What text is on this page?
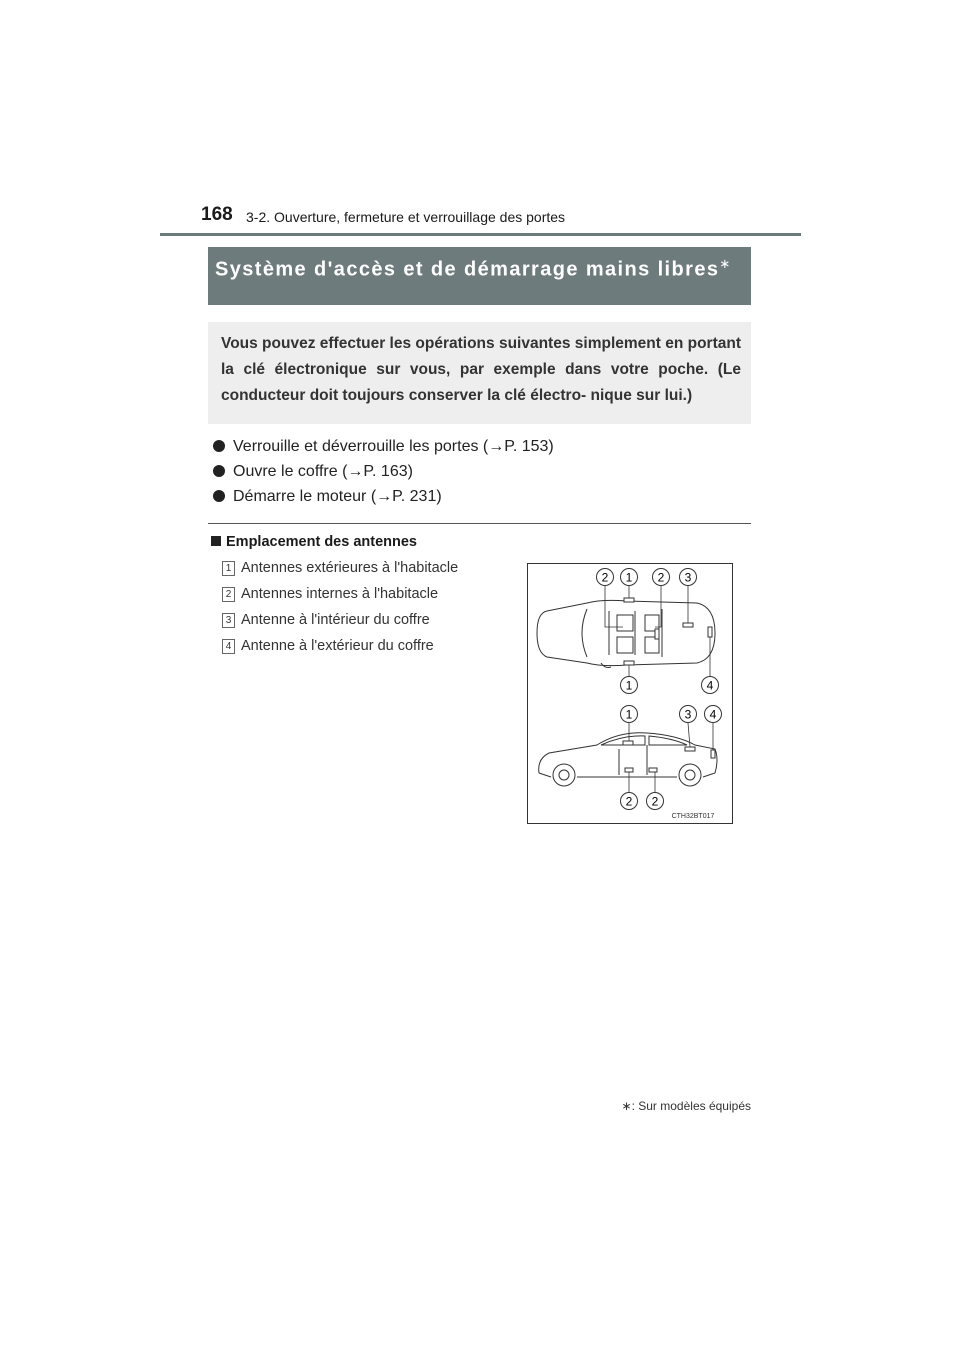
168 3-2. Ouverture, fermeture et verrouillage des portes
Système d'accès et de démarrage mains libres∗
Vous pouvez effectuer les opérations suivantes simplement en portant la clé électronique sur vous, par exemple dans votre poche. (Le conducteur doit toujours conserver la clé électro- nique sur lui.)
Verrouille et déverrouille les portes (→P. 153)
Ouvre le coffre (→P. 163)
Démarre le moteur (→P. 231)
Emplacement des antennes
1 Antennes extérieures à l'habitacle
2 Antennes internes à l'habitacle
3 Antenne à l'intérieur du coffre
4 Antenne à l'extérieur du coffre
2 1 2 3
1	4
1	3 4
2 2
CTH32BT017
∗: Sur modèles équipés
